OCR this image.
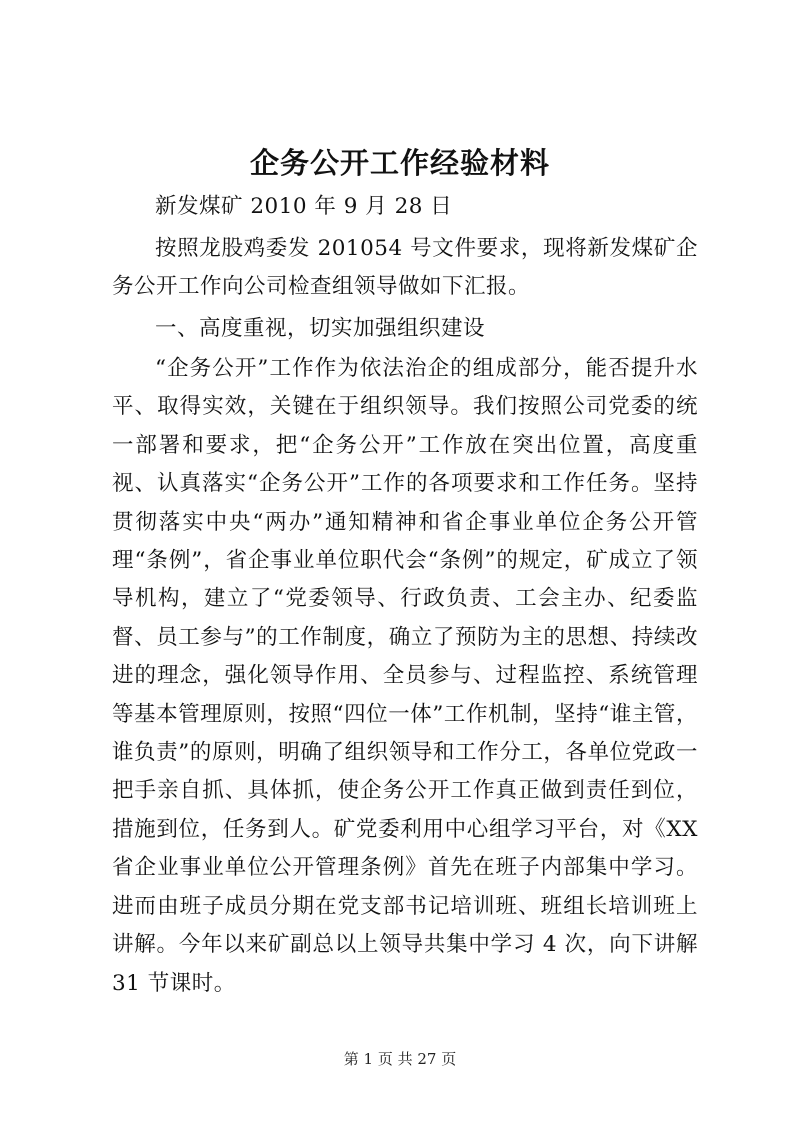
企务公开工作经验材料

新发煤矿 2010 年 9 月 28 日

按照龙股鸡委发 201054 号文件要求，现将新发煤矿企务公开工作向公司检查组领导做如下汇报。

一、高度重视，切实加强组织建设

“企务公开”工作作为依法治企的组成部分，能否提升水平、取得实效，关键在于组织领导。我们按照公司党委的统一部署和要求，把“企务公开”工作放在突出位置，高度重视、认真落实“企务公开”工作的各项要求和工作任务。坚持贯彻落实中央“两办”通知精神和省企事业单位企务公开管理“条例”，省企事业单位职代会“条例”的规定，矿成立了领导机构，建立了“党委领导、行政负责、工会主办、纪委监督、员工参与”的工作制度，确立了预防为主的思想、持续改进的理念，强化领导作用、全员参与、过程监控、系统管理等基本管理原则，按照“四位一体”工作机制，坚持“谁主管，谁负责”的原则，明确了组织领导和工作分工，各单位党政一把手亲自抓、具体抓，使企务公开工作真正做到责任到位，措施到位，任务到人。矿党委利用中心组学习平台，对《XX 省企业事业单位公开管理条例》首先在班子内部集中学习。进而由班子成员分期在党支部书记培训班、班组长培训班上讲解。今年以来矿副总以上领导共集中学习 4 次，向下讲解 31 节课时。

第 1 页 共 27 页
